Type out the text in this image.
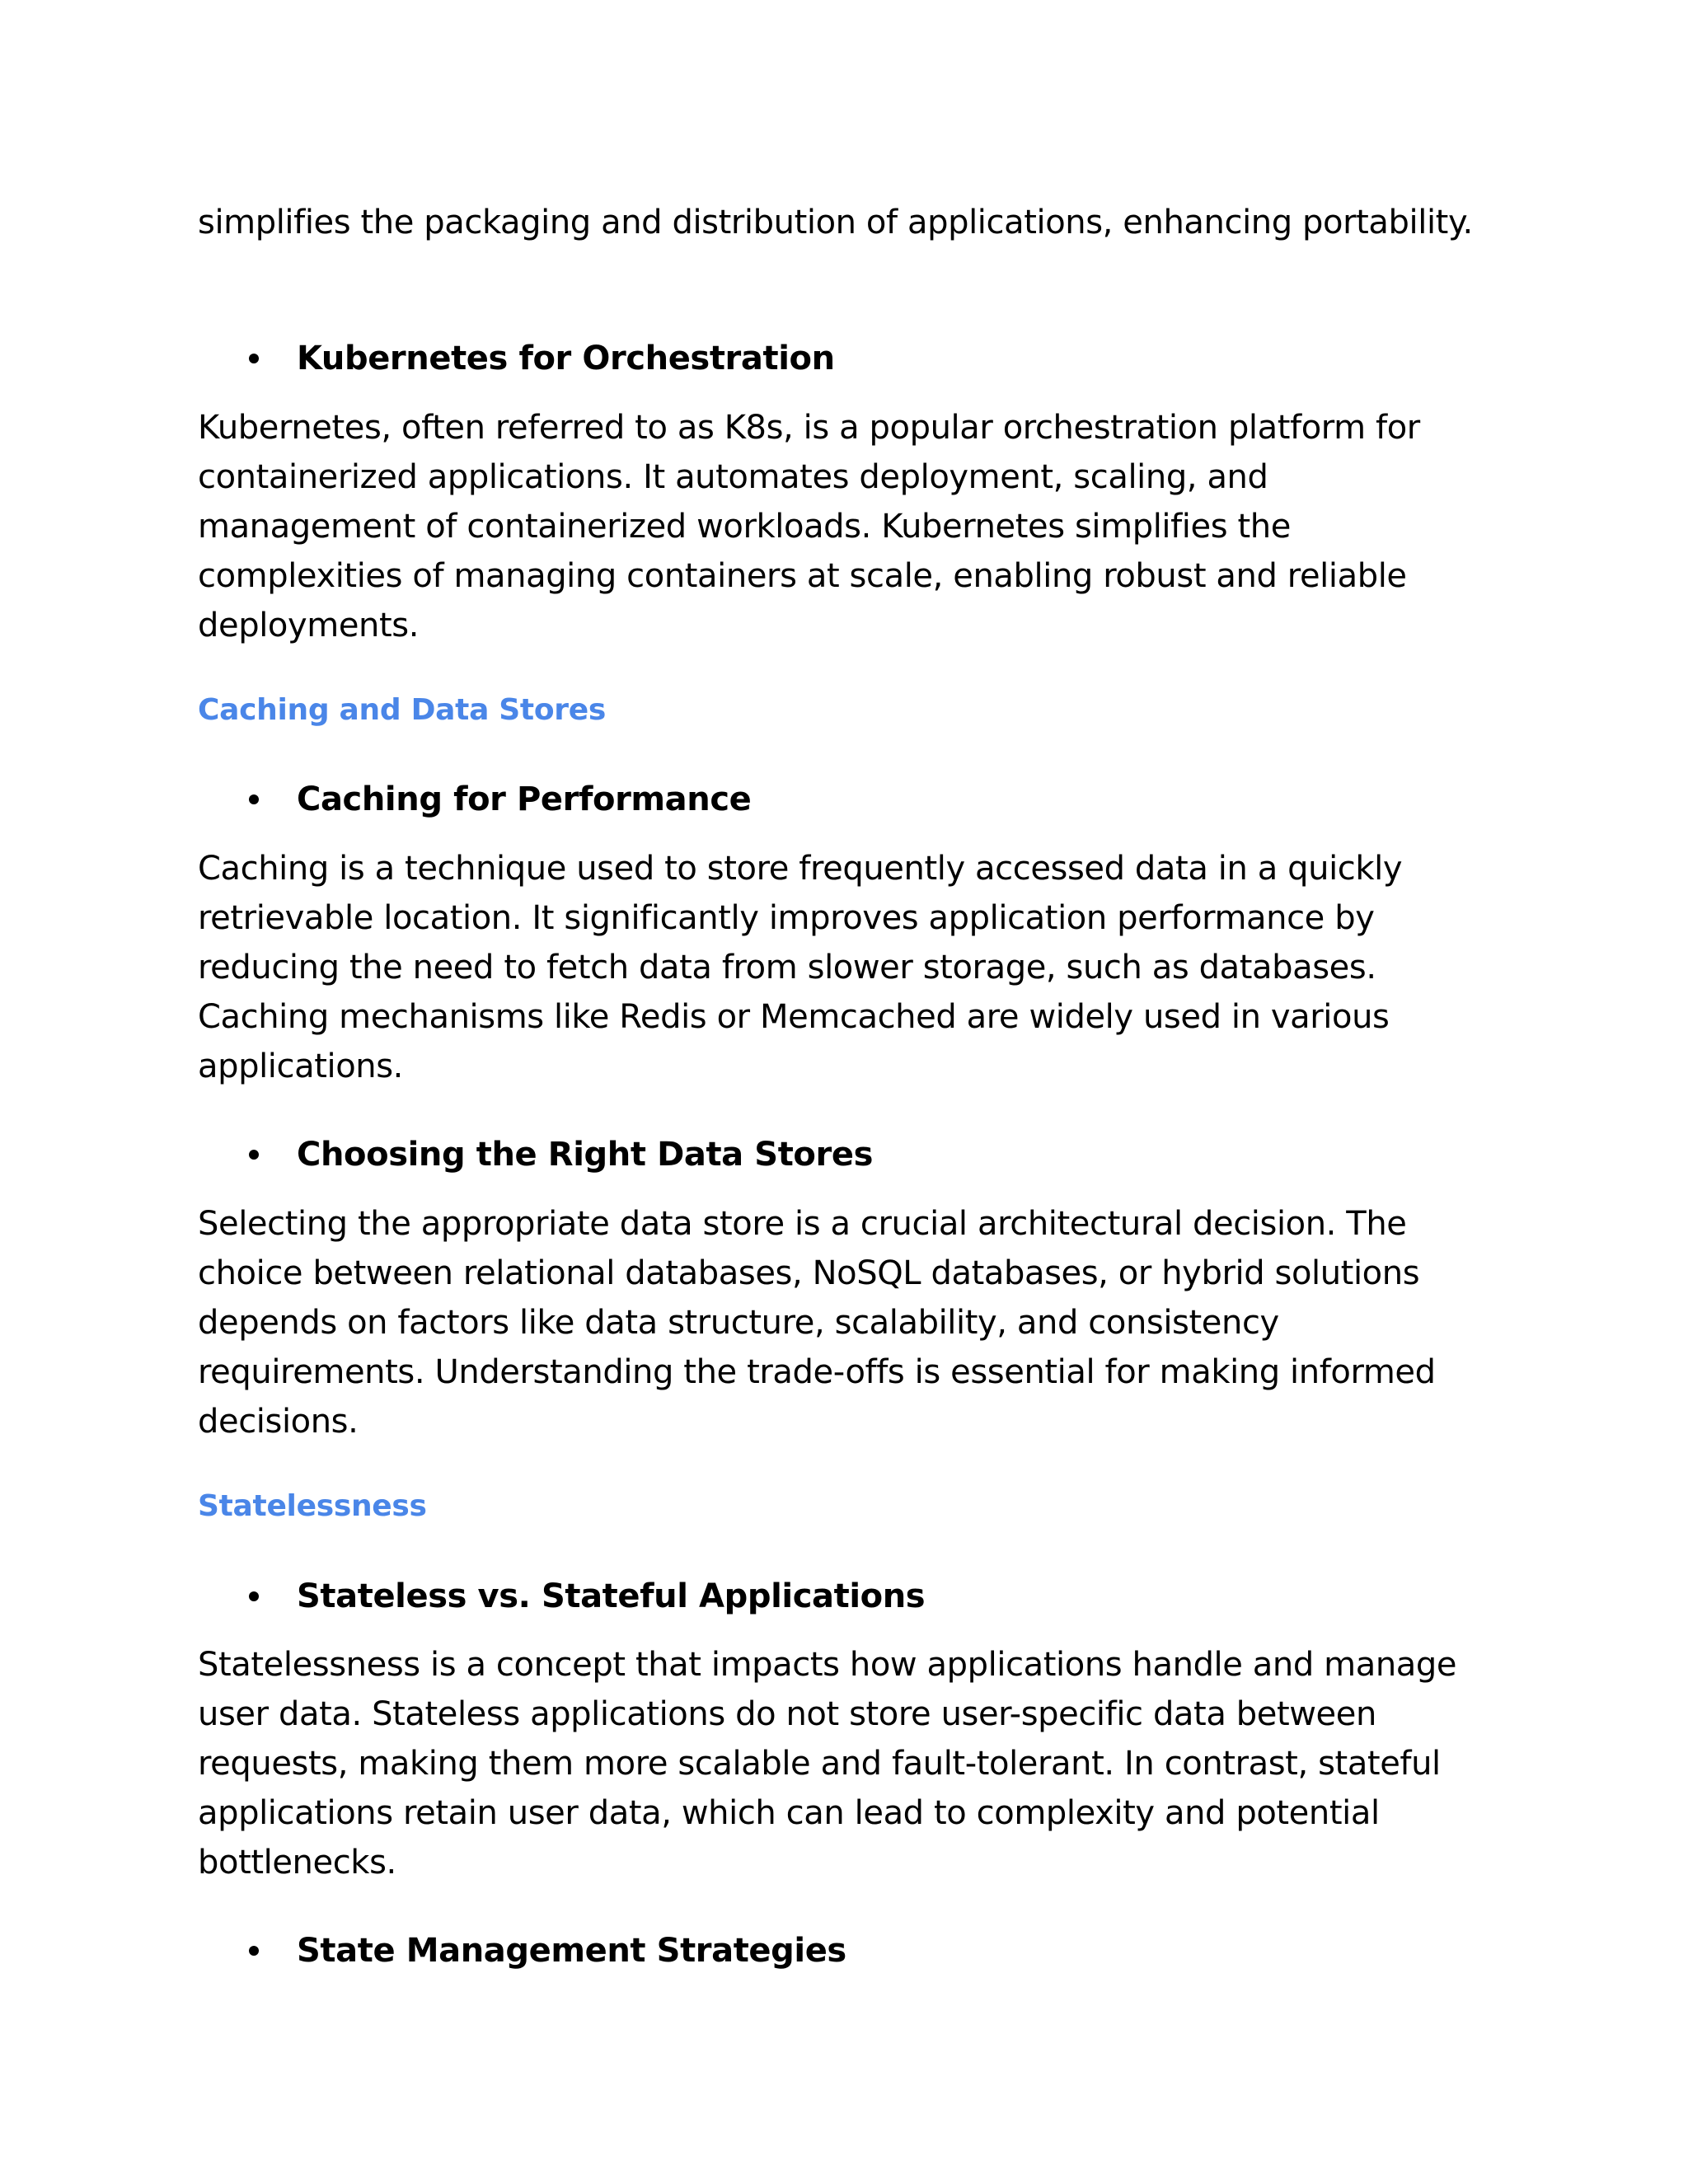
simplifies the packaging and distribution of applications, enhancing portability.

Kubernetes for Orchestration

Kubernetes, often referred to as K8s, is a popular orchestration platform for containerized applications. It automates deployment, scaling, and management of containerized workloads. Kubernetes simplifies the complexities of managing containers at scale, enabling robust and reliable deployments.

Caching and Data Stores
Caching for Performance

Caching is a technique used to store frequently accessed data in a quickly retrievable location. It significantly improves application performance by reducing the need to fetch data from slower storage, such as databases. Caching mechanisms like Redis or Memcached are widely used in various applications.

Choosing the Right Data Stores

Selecting the appropriate data store is a crucial architectural decision. The choice between relational databases, NoSQL databases, or hybrid solutions depends on factors like data structure, scalability, and consistency requirements. Understanding the trade-offs is essential for making informed decisions.

Statelessness
Stateless vs. Stateful Applications

Statelessness is a concept that impacts how applications handle and manage user data. Stateless applications do not store user-specific data between requests, making them more scalable and fault-tolerant. In contrast, stateful applications retain user data, which can lead to complexity and potential bottlenecks.

State Management Strategies
